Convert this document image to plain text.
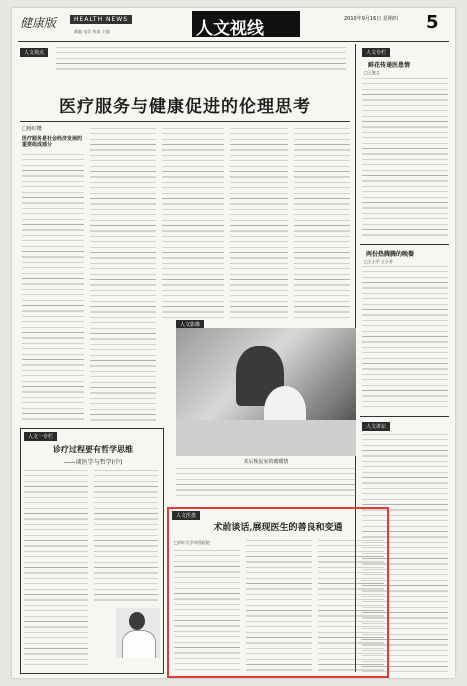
健康版	HEALTH NEWS
邮编 电话 传真 主编	人文视线	2010年9月16日 星期四	5
人文观点
医疗服务与健康促进的伦理思考
□杨红樱
医疗服务是社会经济发展的重要组成部分
人文专栏
鲜花传递医患情
□王俊义
两份热腾腾的晚餐
□王小平 王小芳
人文讲坛
人文一专栏
诊疗过程要有哲学思维
——谈医学与哲学(中)
人文影像
术后恢复室的暖暖情
人文医患
术前谈话,展现医生的善良和变通
□四川大学华西医院
